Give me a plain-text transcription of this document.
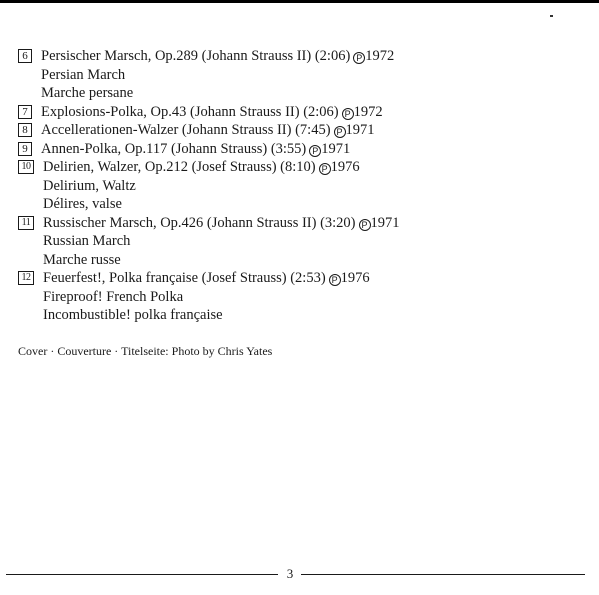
6 Persischer Marsch, Op.289 (Johann Strauss II) (2:06) P 1972
Persian March
Marche persane
7 Explosions-Polka, Op.43 (Johann Strauss II) (2:06) P 1972
8 Accellerationen-Walzer (Johann Strauss II) (7:45) P 1971
9 Annen-Polka, Op.117 (Johann Strauss) (3:55) P 1971
10 Delirien, Walzer, Op.212 (Josef Strauss) (8:10) P 1976
Delirium, Waltz
Délires, valse
11 Russischer Marsch, Op.426 (Johann Strauss II) (3:20) P 1971
Russian March
Marche russe
12 Feuerfest!, Polka française (Josef Strauss) (2:53) P 1976
Fireproof! French Polka
Incombustible! polka française
Cover · Couverture · Titelseite: Photo by Chris Yates
3
